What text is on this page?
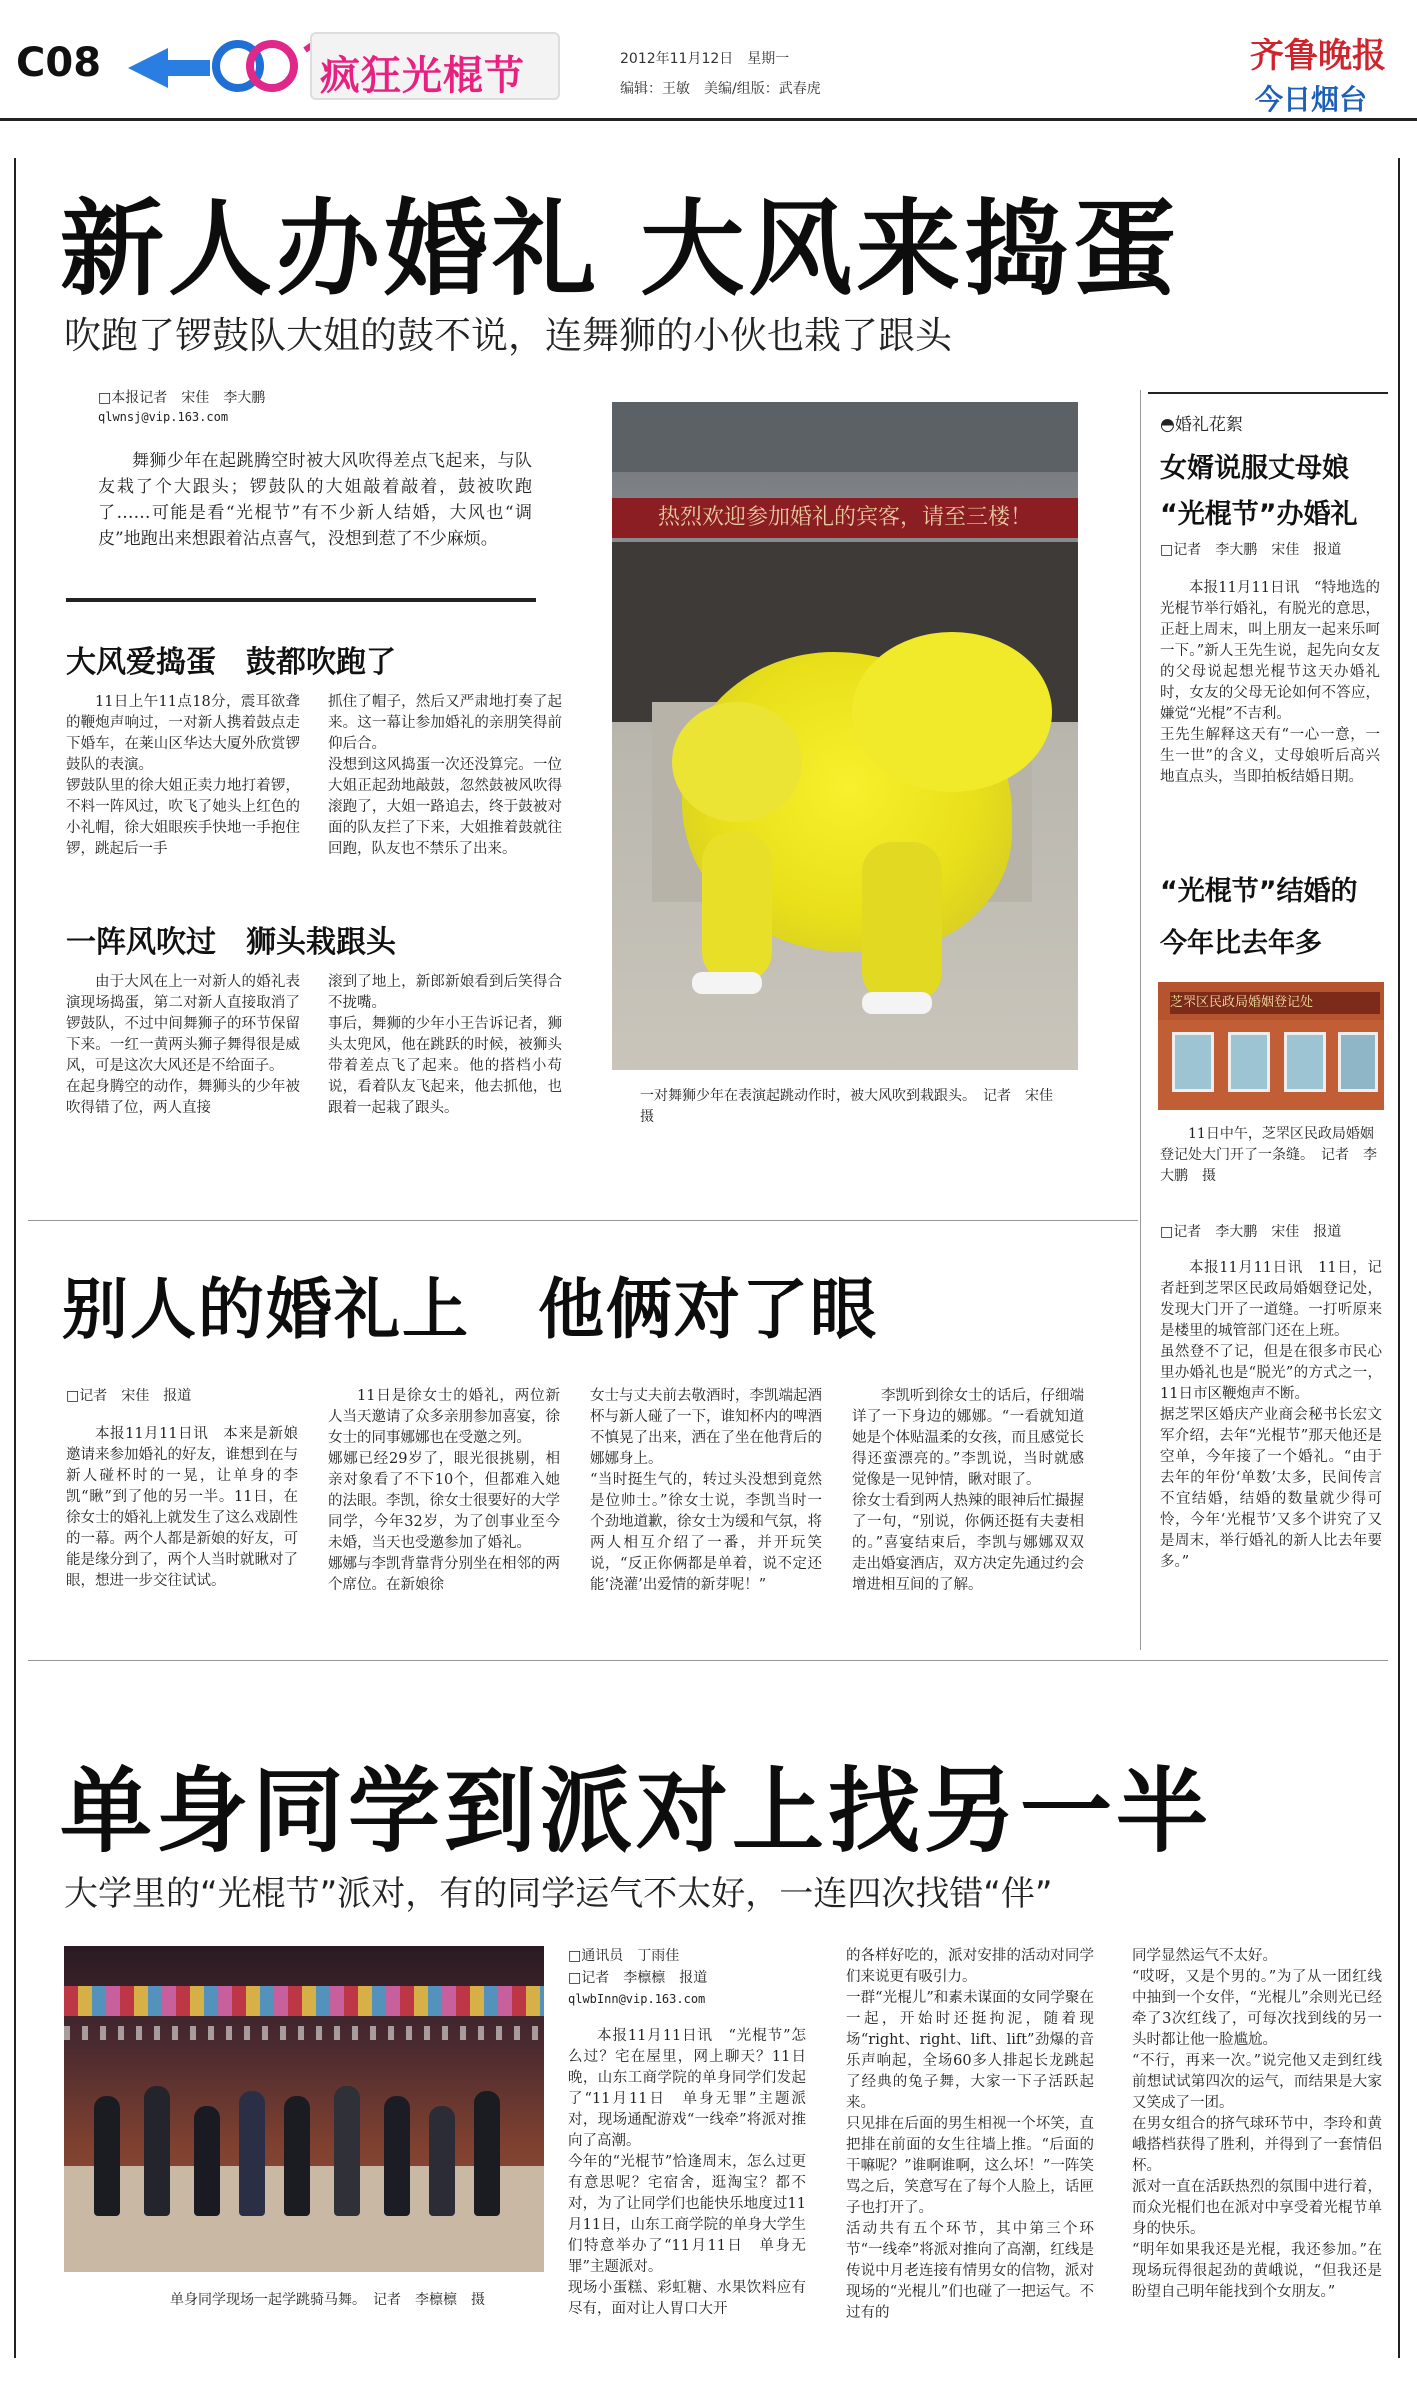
C08	疯狂光棍节	2012年11月12日　星期一
编辑：王敏　美编/组版：武春虎
齐鲁晚报
今日烟台
新人办婚礼 大风来捣蛋
吹跑了锣鼓队大姐的鼓不说，连舞狮的小伙也栽了跟头
□本报记者　宋佳　李大鹏
qlwnsj@vip.163.com
舞狮少年在起跳腾空时被大风吹得差点飞起来，与队友栽了个大跟头；锣鼓队的大姐敲着敲着，鼓被吹跑了……可能是看“光棍节”有不少新人结婚，大风也“调皮”地跑出来想跟着沾点喜气，没想到惹了不少麻烦。
大风爱捣蛋　鼓都吹跑了
11日上午11点18分，震耳欲聋的鞭炮声响过，一对新人携着鼓点走下婚车，在莱山区华达大厦外欣赏锣鼓队的表演。
锣鼓队里的徐大姐正卖力地打着锣，不料一阵风过，吹飞了她头上红色的小礼帽，徐大姐眼疾手快地一手抱住锣，跳起后一手
抓住了帽子，然后又严肃地打奏了起来。这一幕让参加婚礼的亲朋笑得前仰后合。
没想到这风捣蛋一次还没算完。一位大姐正起劲地敲鼓，忽然鼓被风吹得滚跑了，大姐一路追去，终于鼓被对面的队友拦了下来，大姐推着鼓就往回跑，队友也不禁乐了出来。
一阵风吹过　狮头栽跟头
由于大风在上一对新人的婚礼表演现场捣蛋，第二对新人直接取消了锣鼓队，不过中间舞狮子的环节保留下来。一红一黄两头狮子舞得很是威风，可是这次大风还是不给面子。
在起身腾空的动作，舞狮头的少年被吹得错了位，两人直接
滚到了地上，新郎新娘看到后笑得合不拢嘴。
事后，舞狮的少年小王告诉记者，狮头太兜风，他在跳跃的时候，被狮头带着差点飞了起来。他的搭档小苟说，看着队友飞起来，他去抓他，也跟着一起栽了跟头。
热烈欢迎参加婚礼的宾客，请至三楼！
一对舞狮少年在表演起跳动作时，被大风吹到栽跟头。　记者　宋佳　摄
◓婚礼花絮
女婿说服丈母娘
“光棍节”办婚礼
□记者　李大鹏　宋佳　报道
本报11月11日讯　“特地选的光棍节举行婚礼，有脱光的意思，正赶上周末，叫上朋友一起来乐呵一下。”新人王先生说，起先向女友的父母说起想光棍节这天办婚礼时，女友的父母无论如何不答应，嫌觉“光棍”不吉利。
王先生解释这天有“一心一意，一生一世”的含义，丈母娘听后高兴地直点头，当即拍板结婚日期。
“光棍节”结婚的
今年比去年多
芝罘区民政局婚姻登记处
11日中午，芝罘区民政局婚姻登记处大门开了一条缝。　记者　李大鹏　摄
□记者　李大鹏　宋佳　报道
本报11月11日讯　11日，记者赶到芝罘区民政局婚姻登记处，发现大门开了一道缝。一打听原来是楼里的城管部门还在上班。
虽然登不了记，但是在很多市民心里办婚礼也是“脱光”的方式之一，11日市区鞭炮声不断。
据芝罘区婚庆产业商会秘书长宏文军介绍，去年“光棍节”那天他还是空单，今年接了一个婚礼。“由于去年的年份‘单数’太多，民间传言不宜结婚，结婚的数量就少得可怜，今年‘光棍节’又多个讲究了又是周末，举行婚礼的新人比去年要多。”
别人的婚礼上　他俩对了眼
□记者　宋佳　报道
本报11月11日讯　本来是新娘邀请来参加婚礼的好友，谁想到在与新人碰杯时的一晃，让单身的李凯“瞅”到了他的另一半。11日，在徐女士的婚礼上就发生了这么戏剧性的一幕。两个人都是新娘的好友，可能是缘分到了，两个人当时就瞅对了眼，想进一步交往试试。
11日是徐女士的婚礼，两位新人当天邀请了众多亲朋参加喜宴，徐女士的同事娜娜也在受邀之列。
娜娜已经29岁了，眼光很挑剔，相亲对象看了不下10个，但都难入她的法眼。李凯，徐女士很要好的大学同学，今年32岁，为了创事业至今未婚，当天也受邀参加了婚礼。
娜娜与李凯背靠背分别坐在相邻的两个席位。在新娘徐
女士与丈夫前去敬酒时，李凯端起酒杯与新人碰了一下，谁知杯内的啤酒不慎晃了出来，洒在了坐在他背后的娜娜身上。
“当时挺生气的，转过头没想到竟然是位帅士。”徐女士说，李凯当时一个劲地道歉，徐女士为缓和气氛，将两人相互介绍了一番，并开玩笑说，“反正你俩都是单着，说不定还能‘浇灌’出爱情的新芽呢！”
李凯听到徐女士的话后，仔细端详了一下身边的娜娜。“一看就知道她是个体贴温柔的女孩，而且感觉长得还蛮漂亮的。”李凯说，当时就感觉像是一见钟情，瞅对眼了。
徐女士看到两人热辣的眼神后忙撮握了一句，“别说，你俩还挺有夫妻相的。”喜宴结束后，李凯与娜娜双双走出婚宴酒店，双方决定先通过约会增进相互间的了解。
单身同学到派对上找另一半
大学里的“光棍节”派对，有的同学运气不太好，一连四次找错“伴”
单身同学现场一起学跳骑马舞。　记者　李檩檩　摄
□通讯员　丁雨佳
□记者　李檩檩　报道
qlwbInn@vip.163.com
本报11月11日讯　“光棍节”怎么过？宅在屋里，网上聊天？11日晚，山东工商学院的单身同学们发起了“11月11日　单身无罪”主题派对，现场通配游戏“一线牵”将派对推向了高潮。
今年的“光棍节”恰逢周末，怎么过更有意思呢？宅宿舍，逛淘宝？都不对，为了让同学们也能快乐地度过11月11日，山东工商学院的单身大学生们特意举办了“11月11日　单身无罪”主题派对。
现场小蛋糕、彩虹糖、水果饮料应有尽有，面对让人胃口大开
的各样好吃的，派对安排的活动对同学们来说更有吸引力。
一群“光棍儿”和素未谋面的女同学聚在一起，开始时还挺拘泥，随着现场“right、right、lift、lift”劲爆的音乐声响起，全场60多人排起长龙跳起了经典的兔子舞，大家一下子活跃起来。
只见排在后面的男生相视一个坏笑，直把排在前面的女生往墙上推。“后面的干嘛呢？”谁啊谁啊，这么坏！”一阵笑骂之后，笑意写在了每个人脸上，话匣子也打开了。
活动共有五个环节，其中第三个环节“一线牵”将派对推向了高潮，红线是传说中月老连接有情男女的信物，派对现场的“光棍儿”们也碰了一把运气。不过有的
同学显然运气不太好。
“哎呀，又是个男的。”为了从一团红线中抽到一个女伴，“光棍儿”余则光已经牵了3次红线了，可每次找到线的另一头时都让他一脸尴尬。
“不行，再来一次。”说完他又走到红线前想试试第四次的运气，而结果是大家又笑成了一团。
在男女组合的挤气球环节中，李玲和黄峨搭档获得了胜利，并得到了一套情侣杯。
派对一直在活跃热烈的氛围中进行着，而众光棍们也在派对中享受着光棍节单身的快乐。
“明年如果我还是光棍，我还参加。”在现场玩得很起劲的黄峨说，“但我还是盼望自己明年能找到个女朋友。”
